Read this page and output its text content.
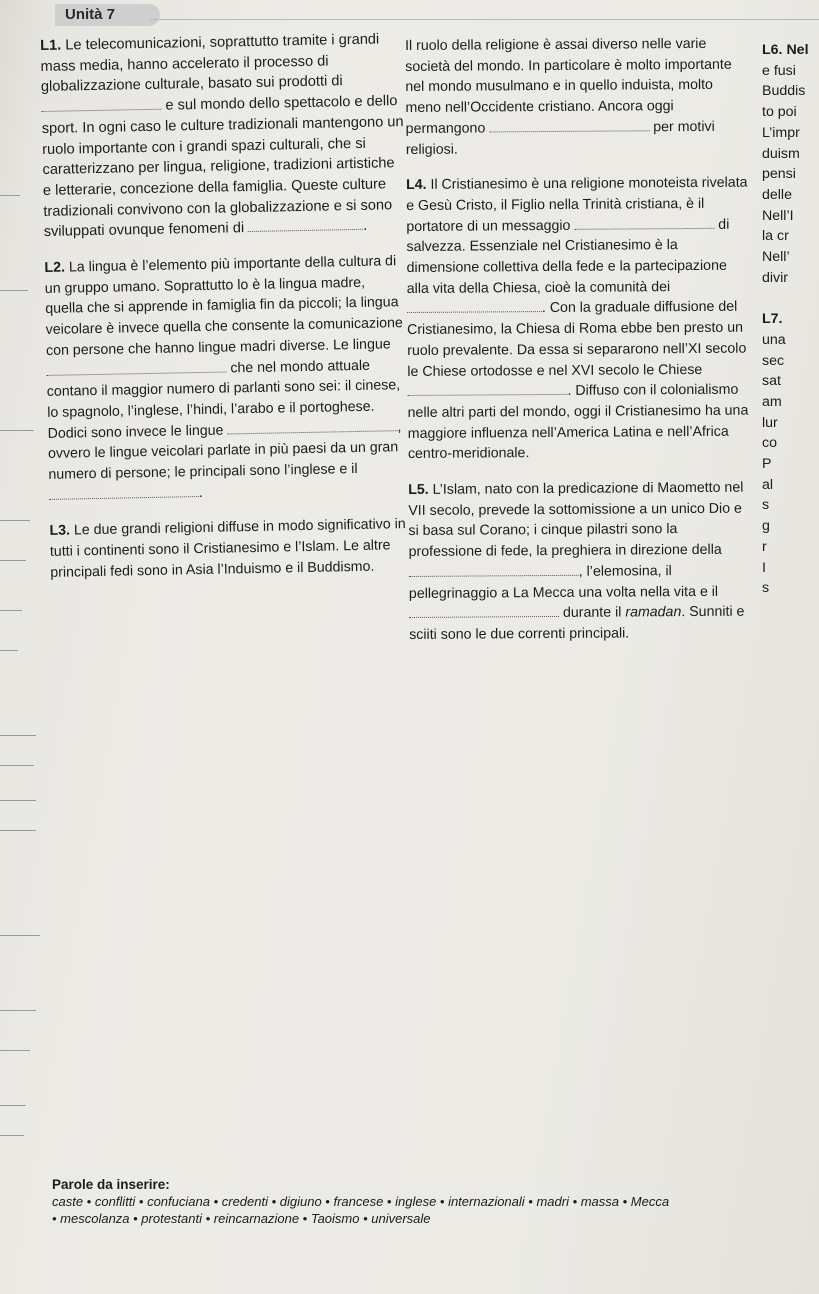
Unità 7

L1. Le telecomunicazioni, soprattutto tramite i grandi mass media, hanno accelerato il processo di globalizzazione culturale, basato sui prodotti di  e sul mondo dello spettacolo e dello sport. In ogni caso le culture tradizionali mantengono un ruolo importante con i grandi spazi culturali, che si caratterizzano per lingua, religione, tradizioni artistiche e letterarie, concezione della famiglia. Queste culture tradizionali convivono con la globalizzazione e si sono sviluppati ovunque fenomeni di	.

L2. La lingua è l’elemento più importante della cultura di un gruppo umano. Soprattutto lo è la lingua madre, quella che si apprende in famiglia fin da piccoli; la lingua veicolare è invece quella che consente la comunicazione con persone che hanno lingue madri diverse. Le lingue  che nel mondo attuale contano il maggior numero di parlanti sono sei: il cinese, lo spagnolo, l’inglese, l’hindi, l’arabo e il portoghese. Dodici sono invece le lingue	, ovvero le lingue veicolari parlate in più paesi da un gran numero di persone; le principali sono l’inglese e il .

L3. Le due grandi religioni diffuse in modo significativo in tutti i continenti sono il Cristianesimo e l’Islam. Le altre principali fedi sono in Asia l’Induismo e il Buddismo.

Il ruolo della religione è assai diverso nelle varie società del mondo. In particolare è molto importante nel mondo musulmano e in quello induista, molto meno nell’Occidente cristiano. Ancora oggi permangono	per motivi religiosi.

L4. Il Cristianesimo è una religione monoteista rivelata e Gesù Cristo, il Figlio nella Trinità cristiana, è il portatore di un messaggio	di salvezza. Essenziale nel Cristianesimo è la dimensione collettiva della fede e la partecipazione alla vita della Chiesa, cioè la comunità dei . Con la graduale diffusione del Cristianesimo, la Chiesa di Roma ebbe ben presto un ruolo prevalente. Da essa si separarono nell’XI secolo le Chiese ortodosse e nel XVI secolo le Chiese . Diffuso con il colonialismo nelle altri parti del mondo, oggi il Cristianesimo ha una maggiore influenza nell’America Latina e nell’Africa centro-meridionale.

L5. L’Islam, nato con la predicazione di Maometto nel VII secolo, prevede la sottomissione a un unico Dio e si basa sul Corano; i cinque pilastri sono la professione di fede, la preghiera in direzione della , l’elemosina, il pellegrinaggio a La Mecca una volta nella vita e il  durante il ramadan. Sunniti e sciiti sono le due correnti principali.

L6. Nel
e fusi
Buddis
to poi
L’impr
duism
pensi
delle
Nell’I
la cr
Nell’
divir

L7.
una
sec
sat
am
lur
co
P
al
s
g
r
I
s
Parole da inserire:
caste • conflitti • confuciana • credenti • digiuno • francese • inglese • internazionali • madri • massa • Mecca
• mescolanza • protestanti • reincarnazione • Taoismo • universale
